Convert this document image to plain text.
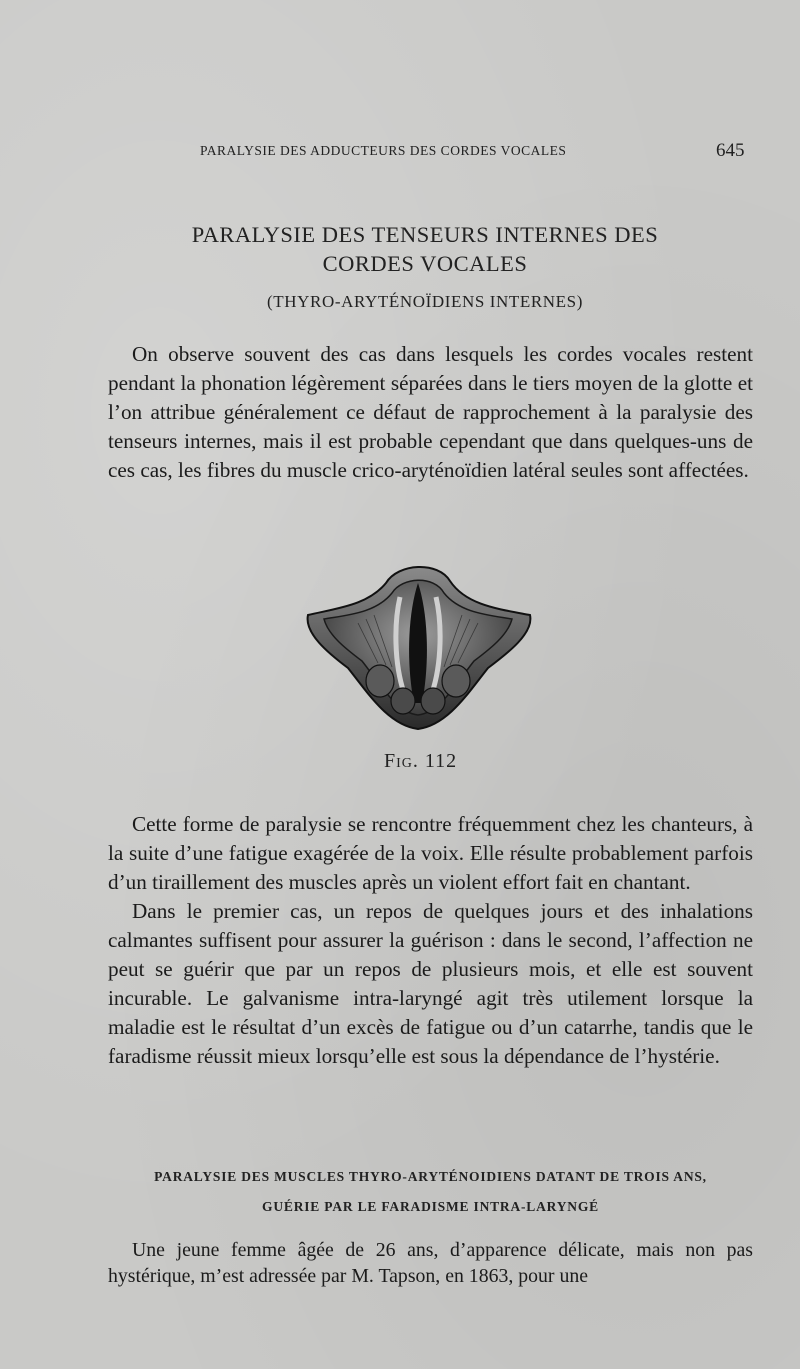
PARALYSIE DES ADDUCTEURS DES CORDES VOCALES	645
PARALYSIE DES TENSEURS INTERNES DES
CORDES VOCALES
(THYRO-ARYTÉNOÏDIENS INTERNES)

On observe souvent des cas dans lesquels les cordes vocales restent pendant la phonation légèrement séparées dans le tiers moyen de la glotte et l’on attribue généralement ce défaut de rapprochement à la paralysie des tenseurs internes, mais il est probable cependant que dans quelques-uns de ces cas, les fibres du muscle crico-aryténoïdien latéral seules sont affectées.

Fig. 112

Cette forme de paralysie se rencontre fréquemment chez les chanteurs, à la suite d’une fatigue exagérée de la voix. Elle résulte probablement parfois d’un tiraillement des muscles après un violent effort fait en chantant.

Dans le premier cas, un repos de quelques jours et des inhalations calmantes suffisent pour assurer la guérison : dans le second, l’affection ne peut se guérir que par un repos de plusieurs mois, et elle est souvent incurable. Le galvanisme intra-laryngé agit très utilement lorsque la maladie est le résultat d’un excès de fatigue ou d’un catarrhe, tandis que le faradisme réussit mieux lorsqu’elle est sous la dépendance de l’hystérie.

PARALYSIE DES MUSCLES THYRO-ARYTÉNOIDIENS DATANT DE TROIS ANS,
GUÉRIE PAR LE FARADISME INTRA-LARYNGÉ

Une jeune femme âgée de 26 ans, d’apparence délicate, mais non pas hystérique, m’est adressée par M. Tapson, en 1863, pour une
